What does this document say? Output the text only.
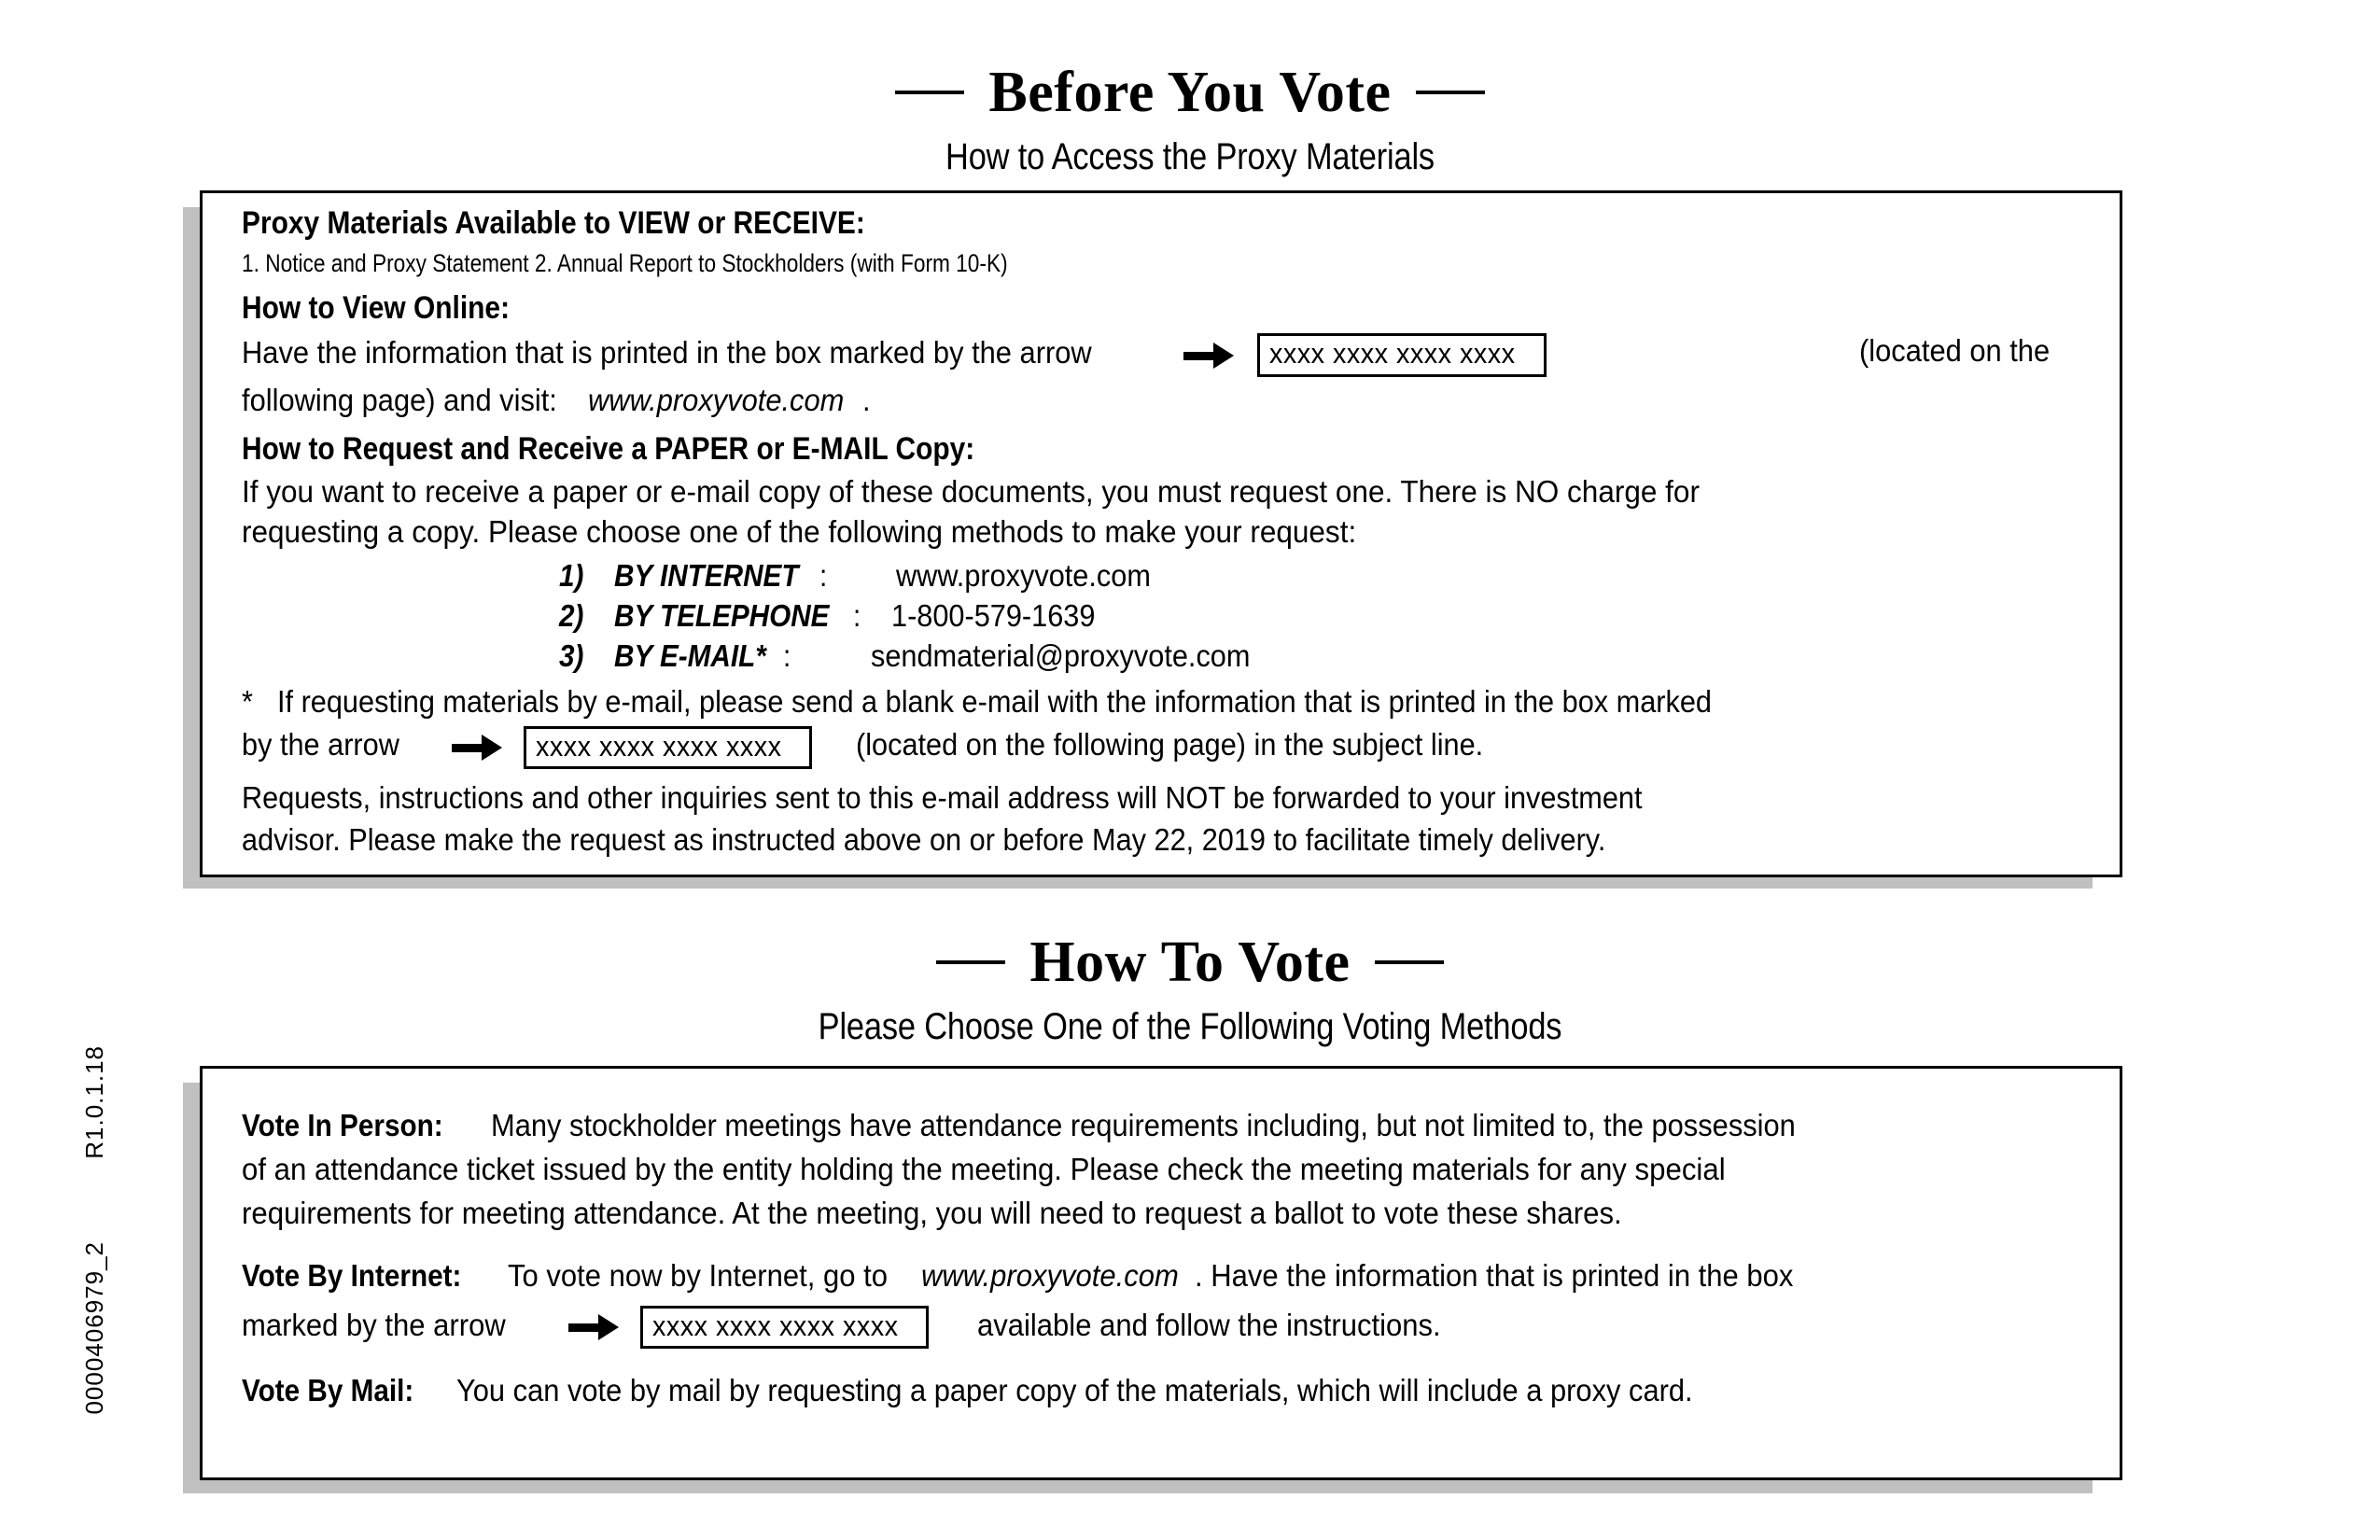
Before You Vote
How to Access the Proxy Materials
Proxy Materials Available to VIEW or RECEIVE:
1. Notice and Proxy Statement 2. Annual Report to Stockholders (with Form 10-K)
How to View Online:
Have the information that is printed in the box marked by the arrow	xxxx xxxx xxxx xxxx	(located on the
following page) and visit: www.proxyvote.com .
How to Request and Receive a PAPER or E-MAIL Copy:
If you want to receive a paper or e-mail copy of these documents, you must request one. There is NO charge for
requesting a copy. Please choose one of the following methods to make your request:
1) BY INTERNET : www.proxyvote.com
2) BY TELEPHONE : 1-800-579-1639
3) BY E-MAIL* :	sendmaterial@proxyvote.com
* If requesting materials by e-mail, please send a blank e-mail with the information that is printed in the box marked
by the arrow	xxxx xxxx xxxx xxxx (located on the following page) in the subject line.
Requests, instructions and other inquiries sent to this e-mail address will NOT be forwarded to your investment
advisor. Please make the request as instructed above on or before May 22, 2019 to facilitate timely delivery.
How To Vote
Please Choose One of the Following Voting Methods
Vote In Person: Many stockholder meetings have attendance requirements including, but not limited to, the possession
of an attendance ticket issued by the entity holding the meeting. Please check the meeting materials for any special
requirements for meeting attendance. At the meeting, you will need to request a ballot to vote these shares.
Vote By Internet: To vote now by Internet, go to www.proxyvote.com . Have the information that is printed in the box
marked by the arrow	xxxx xxxx xxxx xxxx	available and follow the instructions.
Vote By Mail: You can vote by mail by requesting a paper copy of the materials, which will include a proxy card.
0000406979_2
R1.0.1.18
